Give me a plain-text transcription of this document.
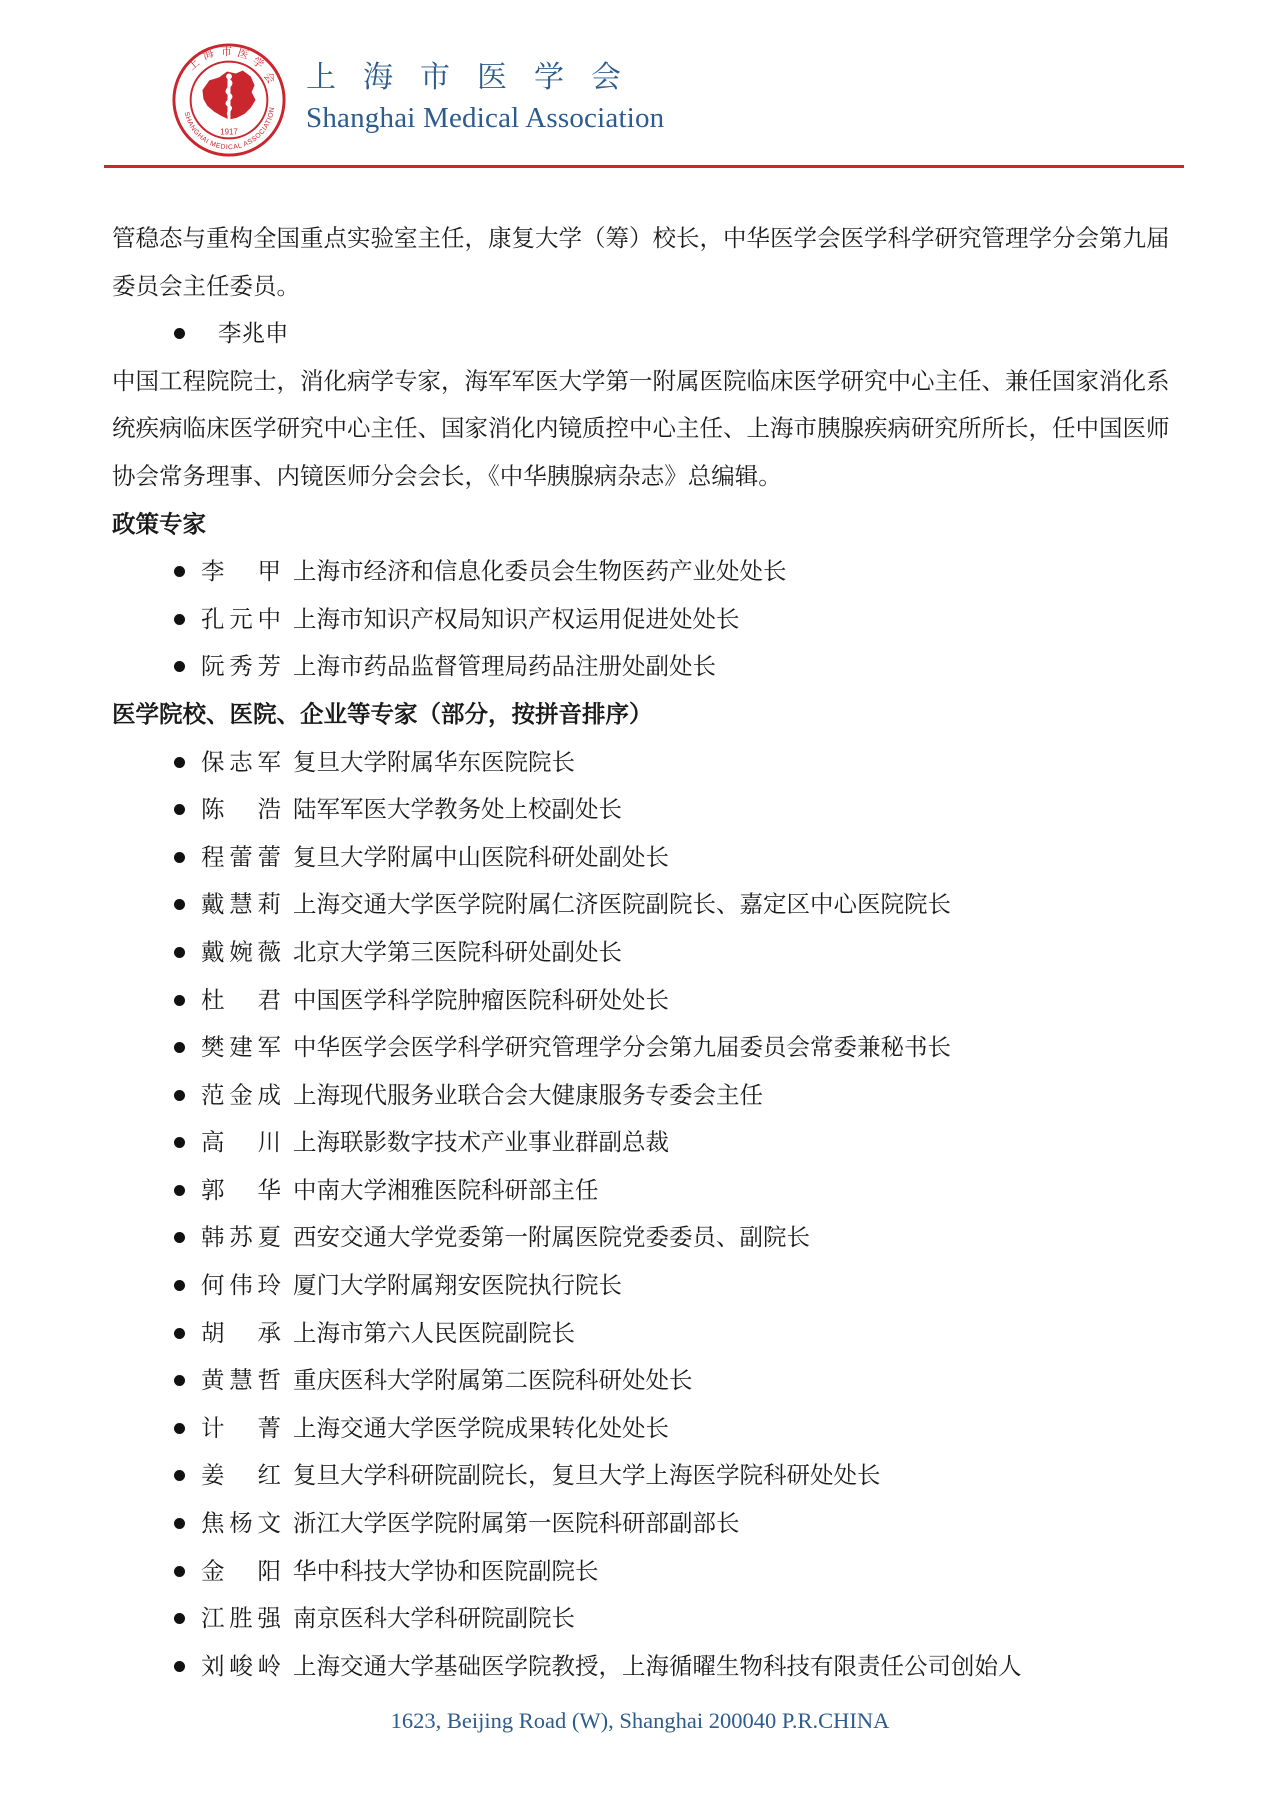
1917
上
海 市 医
学
会
SHANGHAI MEDICAL ASSOCIATION
上海市医学会
Shanghai Medical Association

管稳态与重构全国重点实验室主任，康复大学（筹）校长，中华医学会医学科学研究管理学分会第九届委员会主任委员。

李兆申

中国工程院院士，消化病学专家，海军军医大学第一附属医院临床医学研究中心主任、兼任国家消化系统疾病临床医学研究中心主任、国家消化内镜质控中心主任、上海市胰腺疾病研究所所长，任中国医师协会常务理事、内镜医师分会会长，《中华胰腺病杂志》总编辑。

政策专家

李　甲 上海市经济和信息化委员会生物医药产业处处长
孔元中 上海市知识产权局知识产权运用促进处处长
阮秀芳 上海市药品监督管理局药品注册处副处长

医学院校、医院、企业等专家（部分，按拼音排序）

保志军 复旦大学附属华东医院院长
陈　浩 陆军军医大学教务处上校副处长
程蕾蕾 复旦大学附属中山医院科研处副处长
戴慧莉 上海交通大学医学院附属仁济医院副院长、嘉定区中心医院院长
戴婉薇 北京大学第三医院科研处副处长
杜　君 中国医学科学院肿瘤医院科研处处长
樊建军 中华医学会医学科学研究管理学分会第九届委员会常委兼秘书长
范金成 上海现代服务业联合会大健康服务专委会主任
高　川 上海联影数字技术产业事业群副总裁
郭　华 中南大学湘雅医院科研部主任
韩苏夏 西安交通大学党委第一附属医院党委委员、副院长
何伟玲 厦门大学附属翔安医院执行院长
胡　承 上海市第六人民医院副院长
黄慧哲 重庆医科大学附属第二医院科研处处长
计　菁 上海交通大学医学院成果转化处处长
姜　红 复旦大学科研院副院长，复旦大学上海医学院科研处处长
焦杨文 浙江大学医学院附属第一医院科研部副部长
金　阳 华中科技大学协和医院副院长
江胜强 南京医科大学科研院副院长
刘峻岭 上海交通大学基础医学院教授，上海循曜生物科技有限责任公司创始人
1623, Beijing Road (W), Shanghai 200040 P.R.CHINA
